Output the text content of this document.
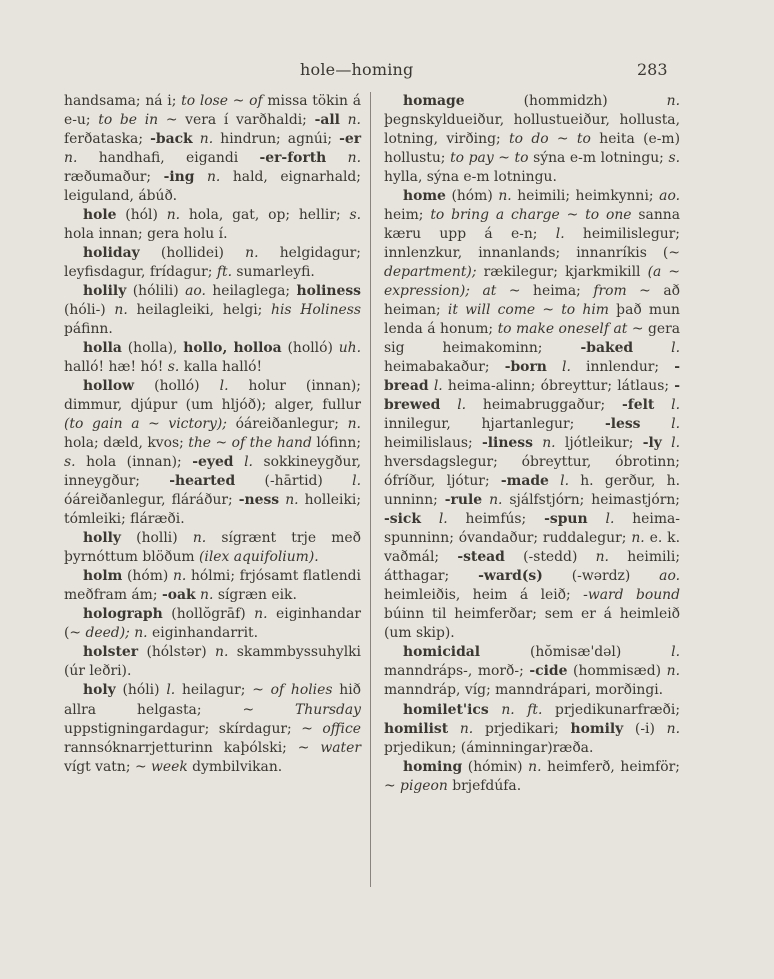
hole—homing	283

handsama; ná i; to lose ~ of missa tökin á e-u; to be in ~ vera í varðhaldi; -all n. ferðataska; -back n. hindrun; agnúi; -er n. handhafi, eigandi -er-forth n. ræðumaður; -ing n. hald, eignarhald; leiguland, ábúð.

hole (hól) n. hola, gat, op; hellir; s. hola innan; gera holu í.

holiday (hollidei) n. helgidagur; leyfisdagur, frídagur; ft. sumarleyfi.

holily (hólili) ao. heilaglega; holiness (hóli-) n. heilagleiki, helgi; his Holiness páfinn.

holla (holla), hollo, holloa (holló) uh. halló! hæ! hó! s. kalla halló!

hollow (holló) l. holur (innan); dimmur, djúpur (um hljóð); alger, fullur (to gain a ~ victory); óáreiðanlegur; n. hola; dæld, kvos; the ~ of the hand lófinn; s. hola (innan); -eyed l. sokkineygður, inneygður; -hearted (-hārtid) l. óáreiðanlegur, fláráður; -ness n. holleiki; tómleiki; fláræði.

holly (holli) n. sígrænt trje með þyrnóttum blöðum (ilex aquifolium).

holm (hóm) n. hólmi; frjósamt flatlendi meðfram ám; -oak n. sígræn eik.

holograph (hollŏgrāf) n. eiginhandar (~ deed); n. eiginhandarrit.

holster (hólstər) n. skammbyssuhylki (úr leðri).

holy (hóli) l. heilagur; ~ of holies hið allra helgasta; ~ Thursday uppstigningardagur; skírdagur; ~ office rannsóknarrjetturinn kaþólski; ~ water vígt vatn; ~ week dymbilvikan.

homage (hommidzh) n. þegnskyldueiður, hollustueiður, hollusta, lotning, virðing; to do ~ to heita (e-m) hollustu; to pay ~ to sýna e-m lotningu; s. hylla, sýna e-m lotningu.

home (hóm) n. heimili; heimkynni; ao. heim; to bring a charge ~ to one sanna kæru upp á e-n; l. heimilislegur; innlenzkur, innanlands; innanríkis (~ department); rækilegur; kjarkmikill (a ~ expression); at ~ heima; from ~ að heiman; it will come ~ to him það mun lenda á honum; to make oneself at ~ gera sig heimakominn; -baked	l. heimabakaður; -born l. innlendur; -bread l. heima-alinn; óbreyttur; látlaus; -brewed l. heimabruggaður; -felt l. innilegur, hjartanlegur; -less l. heimilislaus; -liness n. ljótleikur; -ly l. hversdagslegur; óbreyttur, óbrotinn; ófríður, ljótur; -made l. h. gerður, h. unninn; -rule n. sjálfstjórn; heimastjórn; -sick l. heimfús; -spun l. heima-spunninn; óvandaður; ruddalegur; n. e. k. vaðmál; -stead (-stedd) n. heimili; átthagar; -ward(s) (-wərdz) ao. heimleiðis, heim á leið; -ward bound búinn til heimferðar; sem er á heimleið (um skip).

homicidal (hŏmisæ'dəl) l. manndráps-, morð-; -cide (hommisæd) n. manndráp, víg; manndrápari, morðingi.

homilet'ics n. ft. prjedikunarfræði; homilist n. prjedikari; homily (-i) n. prjedikun; (áminningar)ræða.

homing (hómiɴ) n. heimferð, heimför; ~ pigeon brjefdúfa.
